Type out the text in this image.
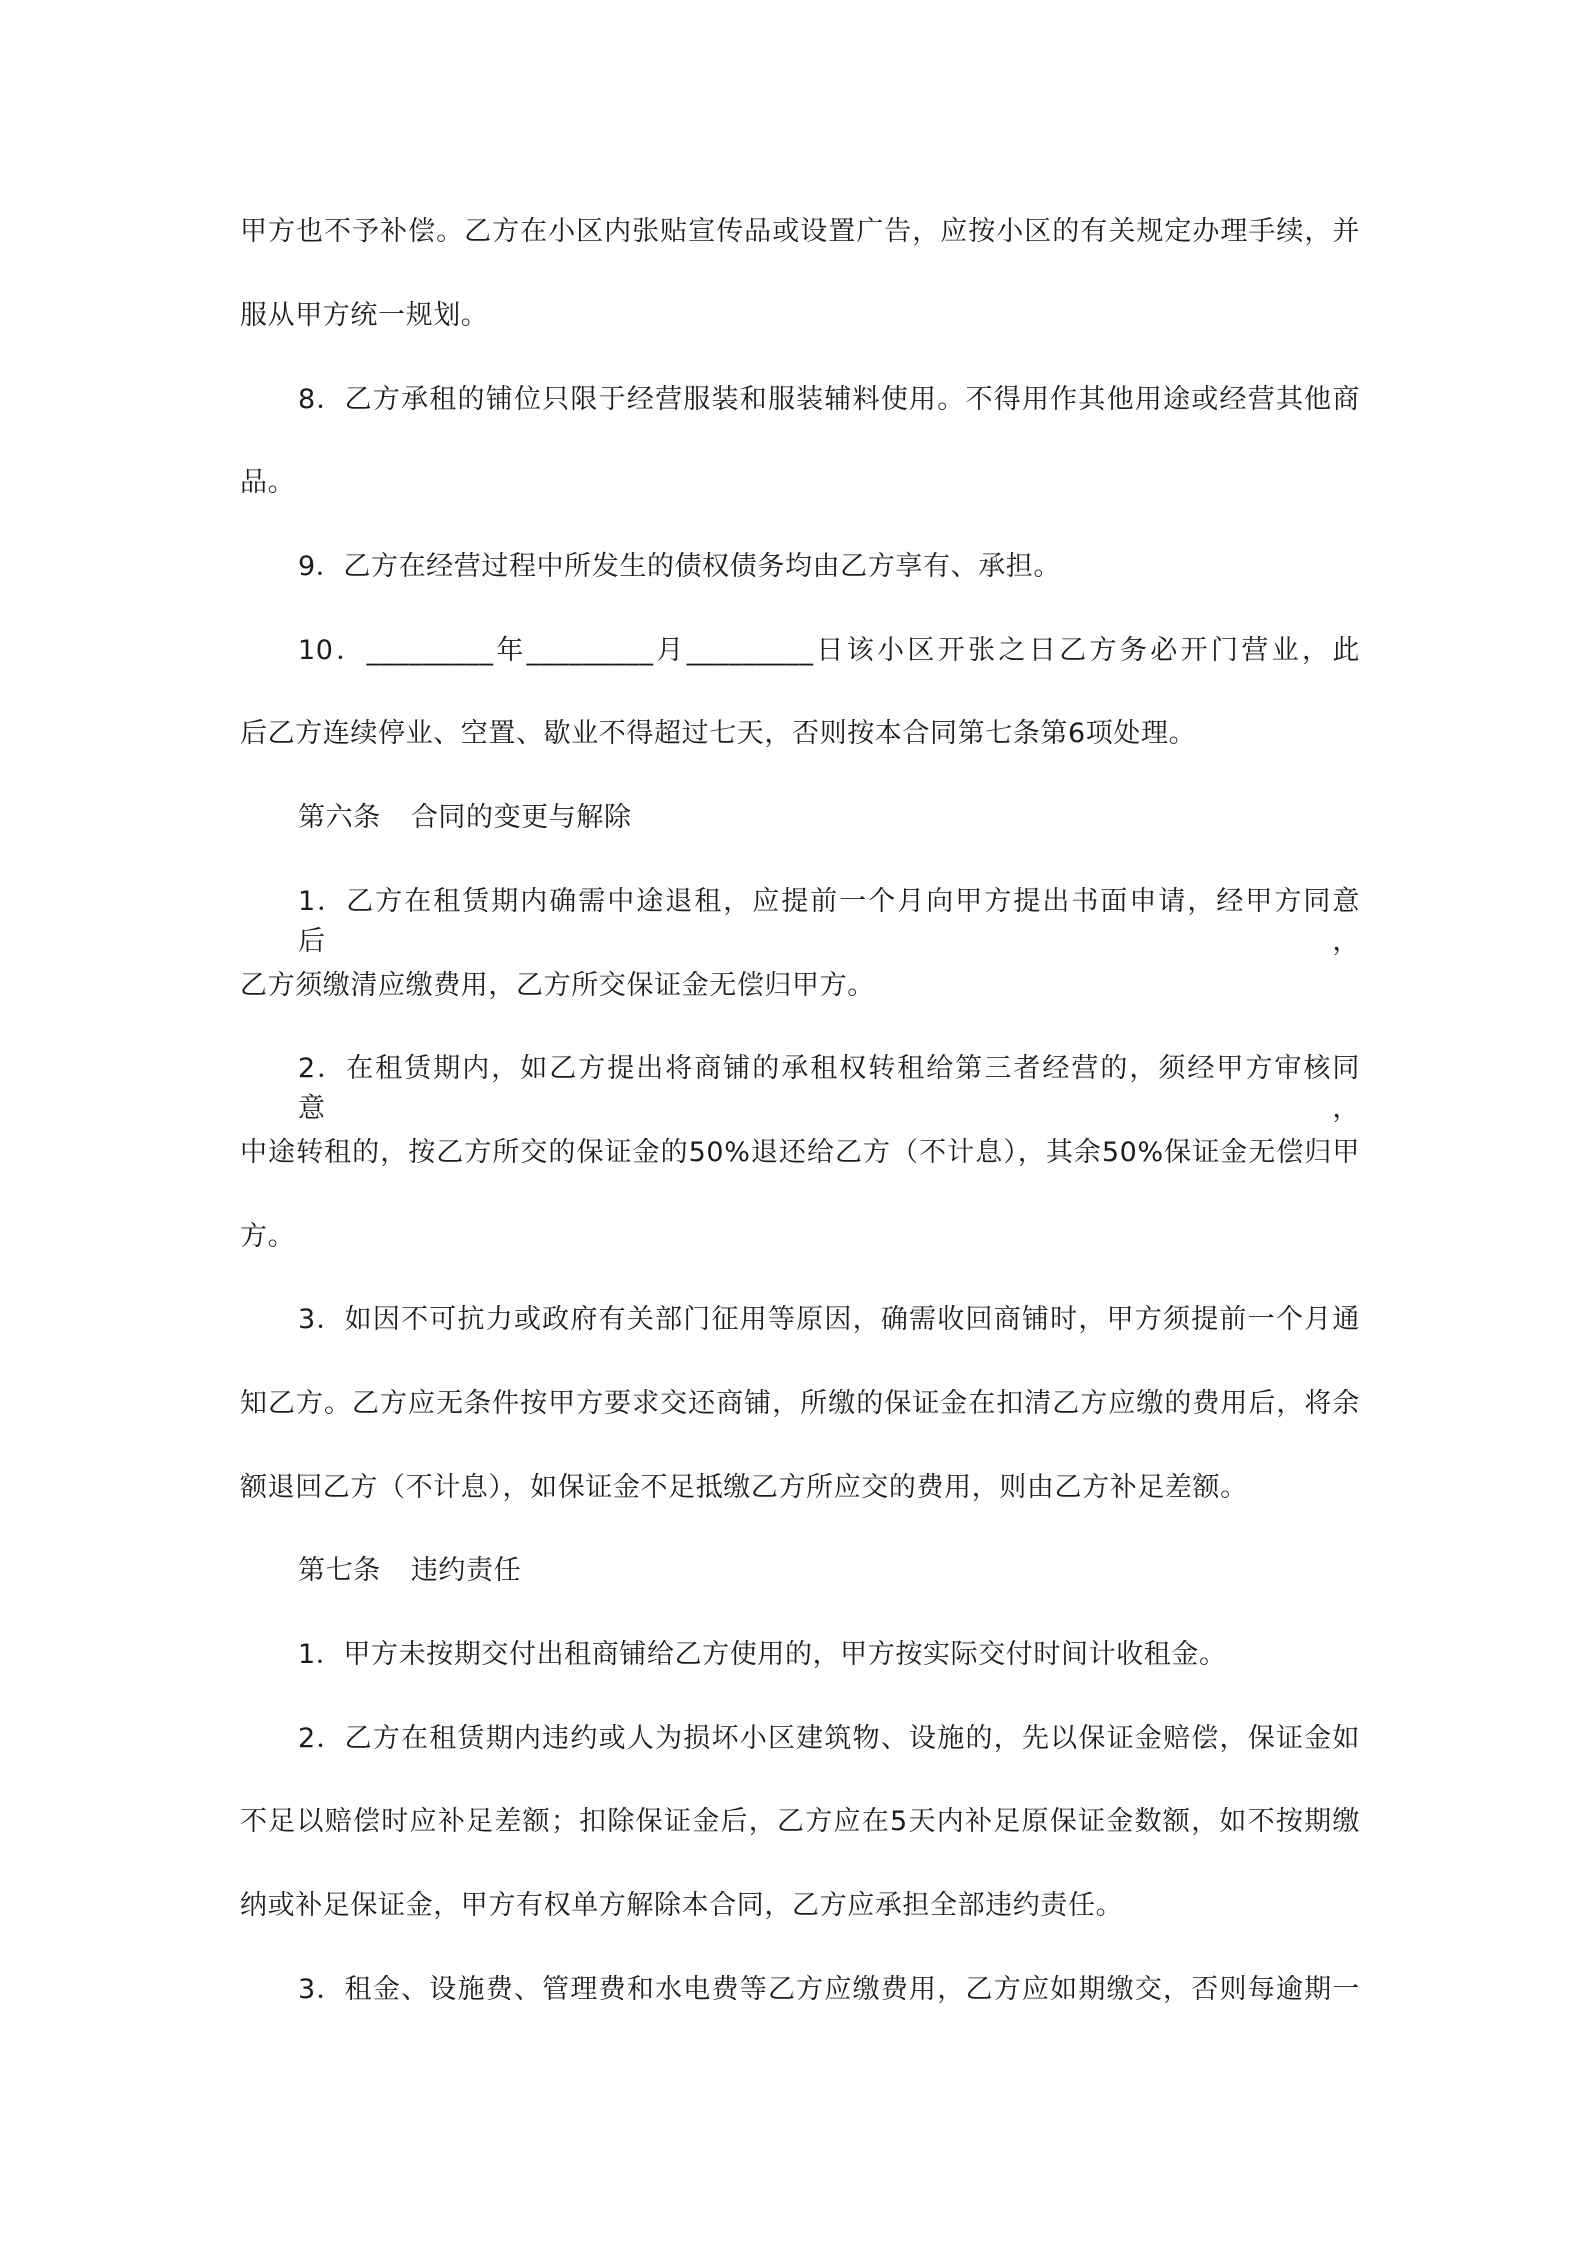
甲方也不予补偿。乙方在小区内张贴宣传品或设置广告，应按小区的有关规定办理手续，并
服从甲方统一规划。
8．乙方承租的铺位只限于经营服装和服装辅料使用。不得用作其他用途或经营其他商
品。
9．乙方在经营过程中所发生的债权债务均由乙方享有、承担。
10．_________年_________月_________日该小区开张之日乙方务必开门营业，此
后乙方连续停业、空置、歇业不得超过七天，否则按本合同第七条第6项处理。
第六条 合同的变更与解除
1．乙方在租赁期内确需中途退租，应提前一个月向甲方提出书面申请，经甲方同意后，
乙方须缴清应缴费用，乙方所交保证金无偿归甲方。
2．在租赁期内，如乙方提出将商铺的承租权转租给第三者经营的，须经甲方审核同意，
中途转租的，按乙方所交的保证金的50%退还给乙方（不计息），其余50%保证金无偿归甲
方。
3．如因不可抗力或政府有关部门征用等原因，确需收回商铺时，甲方须提前一个月通
知乙方。乙方应无条件按甲方要求交还商铺，所缴的保证金在扣清乙方应缴的费用后，将余
额退回乙方（不计息），如保证金不足抵缴乙方所应交的费用，则由乙方补足差额。
第七条 违约责任
1．甲方未按期交付出租商铺给乙方使用的，甲方按实际交付时间计收租金。
2．乙方在租赁期内违约或人为损坏小区建筑物、设施的，先以保证金赔偿，保证金如
不足以赔偿时应补足差额；扣除保证金后，乙方应在5天内补足原保证金数额，如不按期缴
纳或补足保证金，甲方有权单方解除本合同，乙方应承担全部违约责任。
3．租金、设施费、管理费和水电费等乙方应缴费用，乙方应如期缴交，否则每逾期一
